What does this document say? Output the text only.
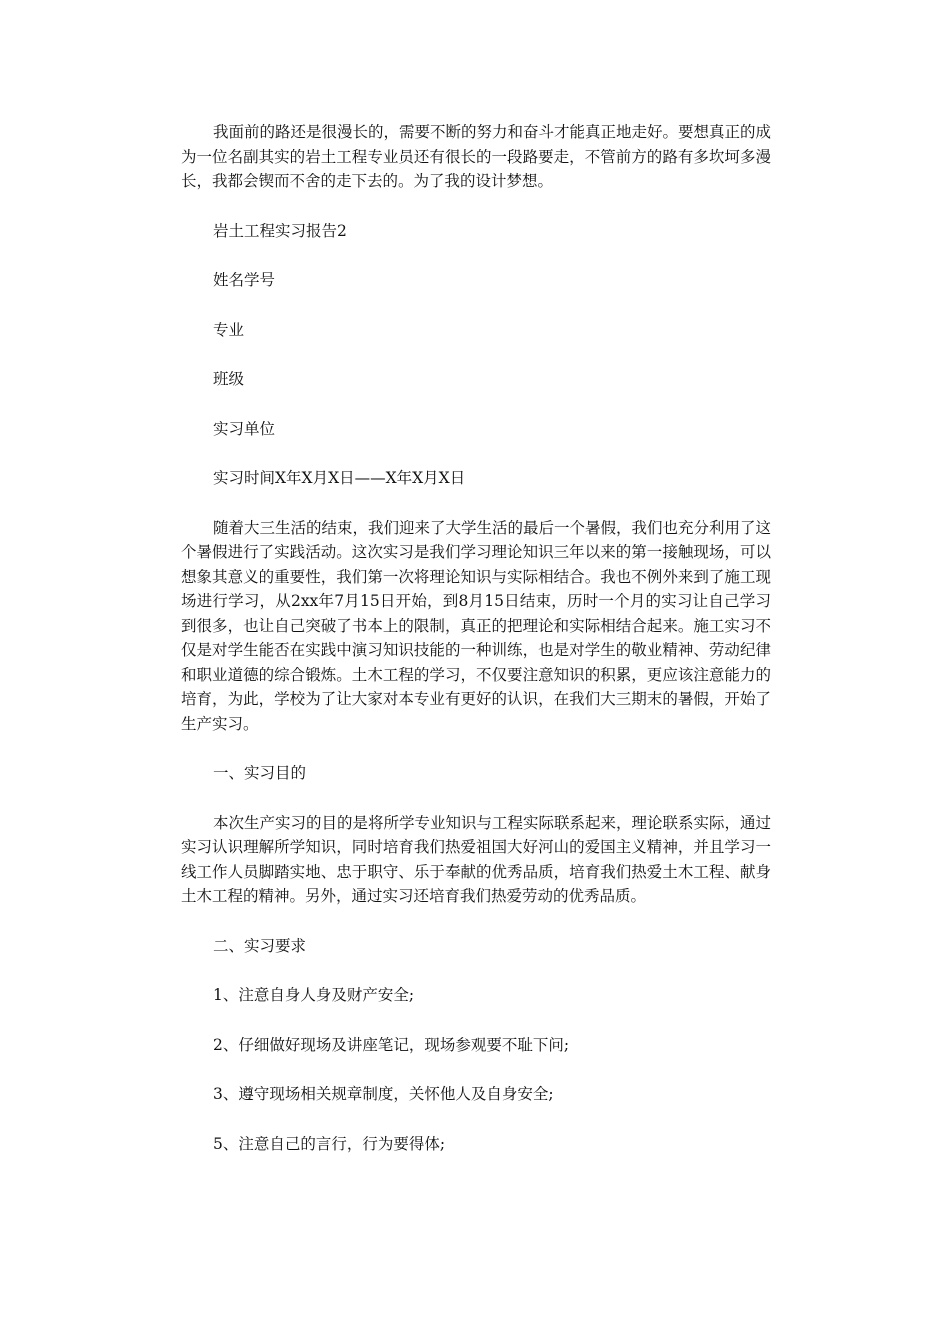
我面前的路还是很漫长的，需要不断的努力和奋斗才能真正地走好。要想真正的成为一位名副其实的岩土工程专业员还有很长的一段路要走，不管前方的路有多坎坷多漫长，我都会锲而不舍的走下去的。为了我的设计梦想。

岩土工程实习报告2

姓名学号

专业

班级

实习单位

实习时间X年X月X日——X年X月X日

随着大三生活的结束，我们迎来了大学生活的最后一个暑假，我们也充分利用了这个暑假进行了实践活动。这次实习是我们学习理论知识三年以来的第一接触现场，可以想象其意义的重要性，我们第一次将理论知识与实际相结合。我也不例外来到了施工现场进行学习，从2xx年7月15日开始，到8月15日结束，历时一个月的实习让自己学习到很多，也让自己突破了书本上的限制，真正的把理论和实际相结合起来。施工实习不仅是对学生能否在实践中演习知识技能的一种训练，也是对学生的敬业精神、劳动纪律和职业道德的综合锻炼。土木工程的学习，不仅要注意知识的积累，更应该注意能力的培育，为此，学校为了让大家对本专业有更好的认识，在我们大三期末的暑假，开始了生产实习。

一、实习目的

本次生产实习的目的是将所学专业知识与工程实际联系起来，理论联系实际，通过实习认识理解所学知识，同时培育我们热爱祖国大好河山的爱国主义精神，并且学习一线工作人员脚踏实地、忠于职守、乐于奉献的优秀品质，培育我们热爱土木工程、献身土木工程的精神。另外，通过实习还培育我们热爱劳动的优秀品质。

二、实习要求

1、注意自身人身及财产安全;

2、仔细做好现场及讲座笔记，现场参观要不耻下问;

3、遵守现场相关规章制度，关怀他人及自身安全;

5、注意自己的言行，行为要得体;
